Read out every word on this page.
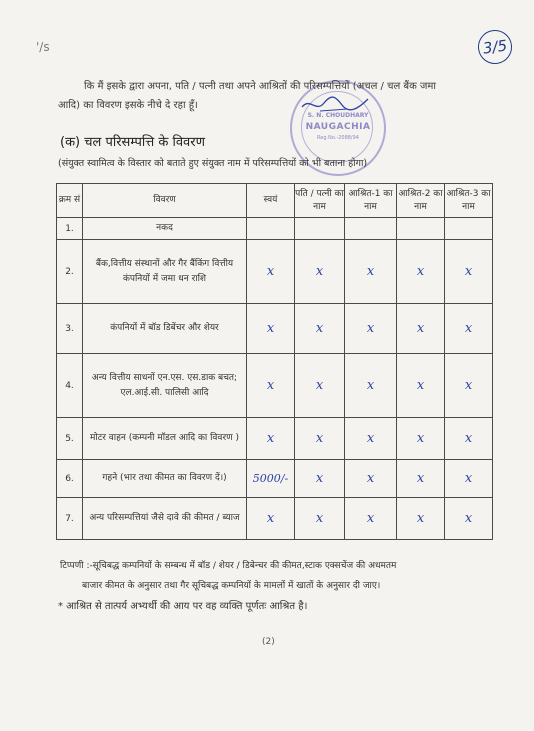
3/5
'/s
S. N. CHOUDHARY
NAUGACHIA
Reg.No.-2088/94
कि मैं इसके द्वारा अपना, पति / पत्नी तथा अपने आश्रितों की परिसम्पत्तियों (अचल / चल बैंक जमा
आदि) का विवरण इसके नीचे दे रहा हूँ।
(क) चल परिसम्पत्ति के विवरण
(संयुक्त स्वामित्व के विस्तार को बताते हुए संयुक्त नाम में परिसम्पत्तियों को भी बताना होगा)
क्रम सं	विवरण	स्वयं	पति / पत्नी का नाम	आश्रित-1 का नाम	आश्रित-2 का नाम	आश्रित-3 का नाम
1.	नकद					
2.	बैंक,वित्तीय संस्थानों और गैर बैंकिंग वित्तीय कंपनियों में जमा धन राशि	x	x	x	x	x
3.	कंपनियों में बॉड डिबेंचर और शेयर	x	x	x	x	x
4.	अन्य वित्तीय साधनों एन.एस. एस.डाक बचत; एल.आई.सी. पालिसी आदि	x	x	x	x	x
5.	मोटर वाहन (कम्पनी मॉडल आदि का विवरण )	x	x	x	x	x
6.	गहने (भार तथा कीमत का विवरण दें।)	5000/-	x	x	x	x
7.	अन्य परिसम्पत्तियां जैसे दावे की कीमत / ब्याज	x	x	x	x	x
टिप्पणी :-सूचिबद्ध कम्पनियों के सम्बन्ध में बॉड / शेयर / डिबेन्चर की कीमत,स्टाक एक्सचेंज की अधमतम
बाजार कीमत के अनुसार तथा गैर सूचिबद्ध कम्पनियों के मामलों में खातों के अनुसार दी जाए।
* आश्रित से तात्पर्य अभ्यर्थी की आय पर वह व्यक्ति पूर्णतः आश्रित है।
(2)
